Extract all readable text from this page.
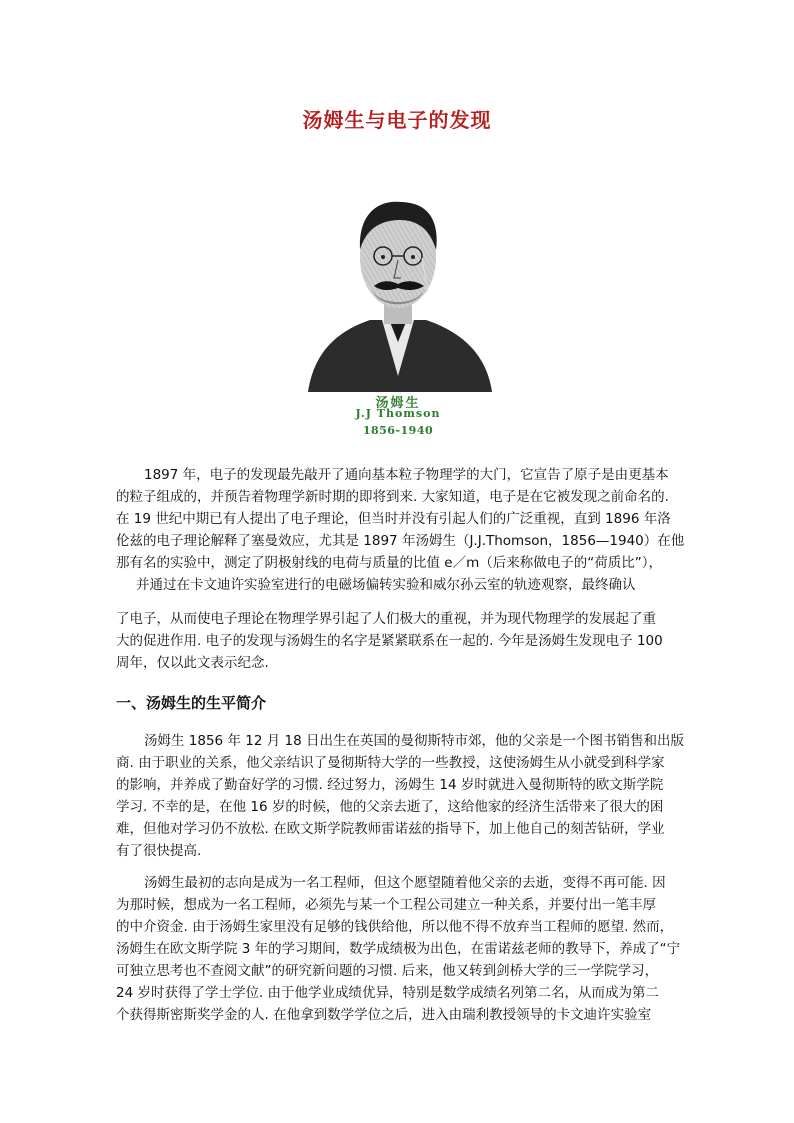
汤姆生与电子的发现
汤姆生
J.J Thomson
1856-1940
1897 年，电子的发现最先敲开了通向基本粒子物理学的大门，它宣告了原子是由更基本
的粒子组成的，并预告着物理学新时期的即将到来. 大家知道，电子是在它被发现之前命名的.
在 19 世纪中期已有人提出了电子理论，但当时并没有引起人们的广泛重视，直到 1896 年洛
伦兹的电子理论解释了塞曼效应，尤其是 1897 年汤姆生（J.J.Thomson，1856—1940）在他
那有名的实验中，测定了阴极射线的电荷与质量的比值 e／m（后来称做电子的“荷质比”），
并通过在卡文迪许实验室进行的电磁场偏转实验和威尔孙云室的轨迹观察，最终确认
了电子，从而使电子理论在物理学界引起了人们极大的重视，并为现代物理学的发展起了重
大的促进作用. 电子的发现与汤姆生的名字是紧紧联系在一起的. 今年是汤姆生发现电子 100
周年，仅以此文表示纪念.
一、汤姆生的生平简介
汤姆生 1856 年 12 月 18 日出生在英国的曼彻斯特市郊，他的父亲是一个图书销售和出版
商. 由于职业的关系，他父亲结识了曼彻斯特大学的一些教授，这使汤姆生从小就受到科学家
的影响，并养成了勤奋好学的习惯. 经过努力，汤姆生 14 岁时就进入曼彻斯特的欧文斯学院
学习. 不幸的是，在他 16 岁的时候，他的父亲去逝了，这给他家的经济生活带来了很大的困
难，但他对学习仍不放松. 在欧文斯学院教师雷诺兹的指导下，加上他自己的刻苦钻研，学业
有了很快提高.
汤姆生最初的志向是成为一名工程师，但这个愿望随着他父亲的去逝，变得不再可能. 因
为那时候，想成为一名工程师，必须先与某一个工程公司建立一种关系，并要付出一笔丰厚
的中介资金. 由于汤姆生家里没有足够的钱供给他，所以他不得不放弃当工程师的愿望. 然而，
汤姆生在欧文斯学院 3 年的学习期间，数学成绩极为出色，在雷诺兹老师的教导下，养成了“宁
可独立思考也不查阅文献”的研究新问题的习惯. 后来，他又转到剑桥大学的三一学院学习，
24 岁时获得了学士学位. 由于他学业成绩优异，特别是数学成绩名列第二名，从而成为第二
个获得斯密斯奖学金的人. 在他拿到数学学位之后，进入由瑞利教授领导的卡文迪许实验室
